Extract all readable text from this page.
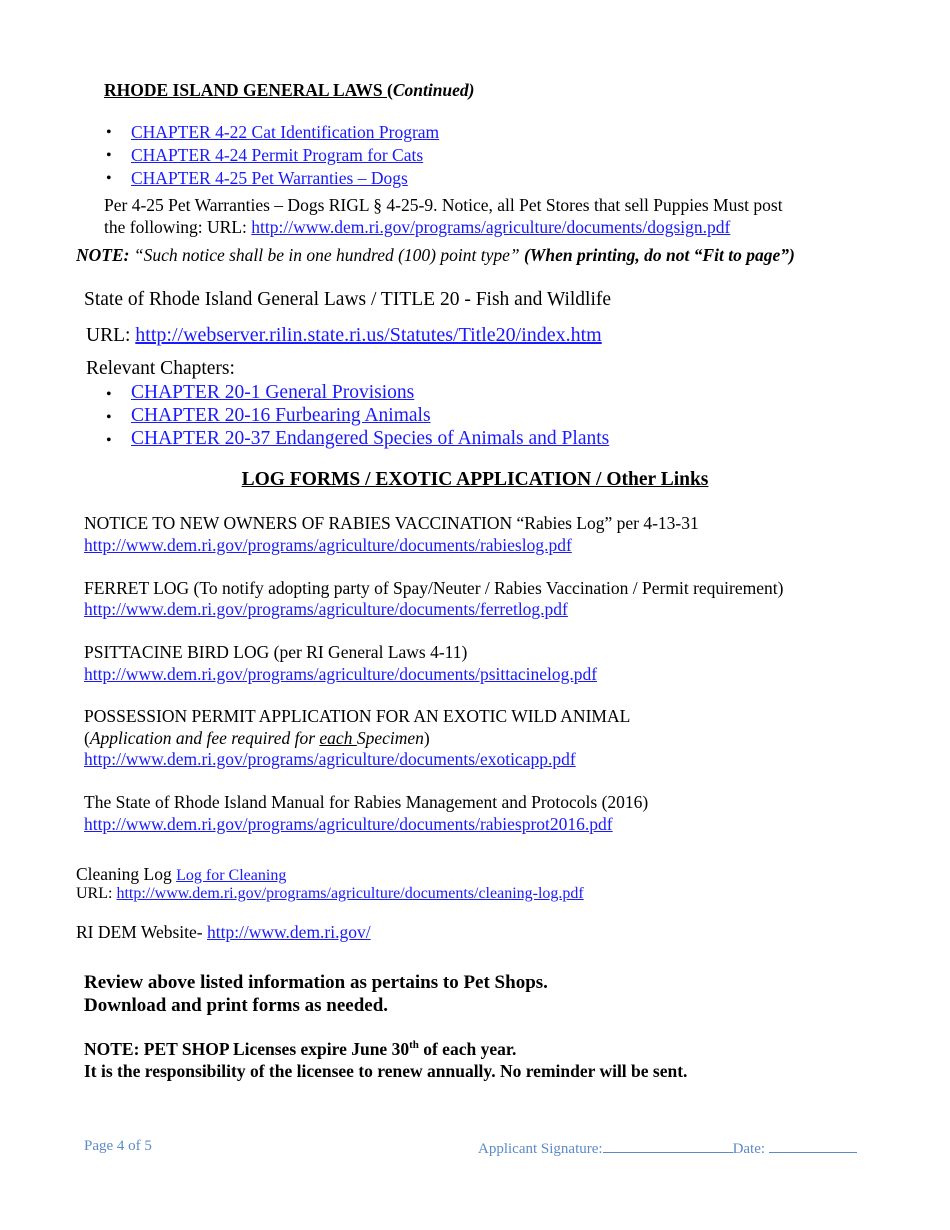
RHODE ISLAND GENERAL LAWS (Continued)
• CHAPTER 4-22 Cat Identification Program
• CHAPTER 4-24 Permit Program for Cats
• CHAPTER 4-25 Pet Warranties – Dogs
Per 4-25 Pet Warranties – Dogs RIGL § 4-25-9. Notice, all Pet Stores that sell Puppies Must post
the following: URL: http://www.dem.ri.gov/programs/agriculture/documents/dogsign.pdf
NOTE: “Such notice shall be in one hundred (100) point type” (When printing, do not “Fit to page”)
State of Rhode Island General Laws / TITLE 20 - Fish and Wildlife
URL: http://webserver.rilin.state.ri.us/Statutes/Title20/index.htm
Relevant Chapters:
• CHAPTER 20-1 General Provisions
• CHAPTER 20-16 Furbearing Animals
• CHAPTER 20-37 Endangered Species of Animals and Plants
LOG FORMS / EXOTIC APPLICATION / Other Links
NOTICE TO NEW OWNERS OF RABIES VACCINATION “Rabies Log” per 4-13-31
http://www.dem.ri.gov/programs/agriculture/documents/rabieslog.pdf
FERRET LOG (To notify adopting party of Spay/Neuter / Rabies Vaccination / Permit requirement)
http://www.dem.ri.gov/programs/agriculture/documents/ferretlog.pdf
PSITTACINE BIRD LOG (per RI General Laws 4-11)
http://www.dem.ri.gov/programs/agriculture/documents/psittacinelog.pdf
POSSESSION PERMIT APPLICATION FOR AN EXOTIC WILD ANIMAL
(Application and fee required for each Specimen)
http://www.dem.ri.gov/programs/agriculture/documents/exoticapp.pdf
The State of Rhode Island Manual for Rabies Management and Protocols (2016)
http://www.dem.ri.gov/programs/agriculture/documents/rabiesprot2016.pdf
Cleaning Log Log for Cleaning
URL: http://www.dem.ri.gov/programs/agriculture/documents/cleaning-log.pdf
RI DEM Website- http://www.dem.ri.gov/
Review above listed information as pertains to Pet Shops.
Download and print forms as needed.
NOTE: PET SHOP Licenses expire June 30th of each year.
It is the responsibility of the licensee to renew annually. No reminder will be sent.
Page 4 of 5	Applicant Signature:	Date:
